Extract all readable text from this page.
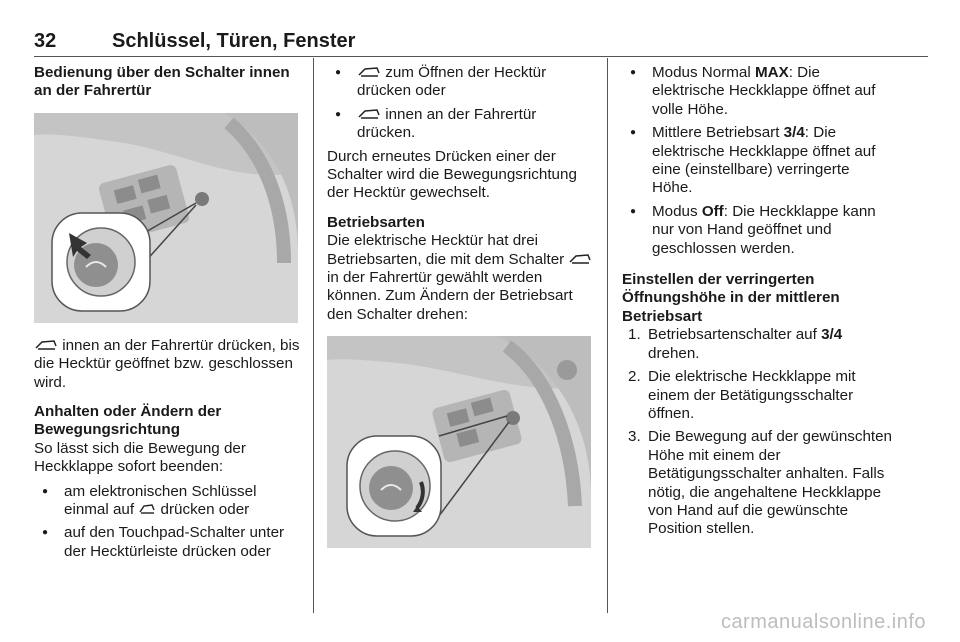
32	Schlüssel, Türen, Fenster

Bedienung über den Schalter innen an der Fahrertür

innen an der Fahrertür drücken, bis die Hecktür geöffnet bzw. geschlossen wird.

Anhalten oder Ändern der Bewegungsrichtung

So lässt sich die Bewegung der Heckklappe sofort beenden:

● am elektronischen Schlüssel einmal auf drücken oder
● auf den Touchpad-Schalter unter der Hecktürleiste drücken oder
● zum Öffnen der Hecktür drücken oder
● innen an der Fahrertür drücken.

Durch erneutes Drücken einer der Schalter wird die Bewegungsrichtung der Hecktür gewechselt.

Betriebsarten

Die elektrische Hecktür hat drei Betriebsarten, die mit dem Schalter  in der Fahrertür gewählt werden können. Zum Ändern der Betriebsart den Schalter drehen:

● Modus Normal MAX: Die elektrische Heckklappe öffnet auf volle Höhe.
● Mittlere Betriebsart 3/4: Die elektrische Heckklappe öffnet auf eine (einstellbare) verringerte Höhe.
● Modus Off: Die Heckklappe kann nur von Hand geöffnet und geschlossen werden.

Einstellen der verringerten Öffnungshöhe in der mittleren Betriebsart

1. Betriebsartenschalter auf 3/4 drehen.
2. Die elektrische Heckklappe mit einem der Betätigungsschalter öffnen.
3. Die Bewegung auf der gewünschten Höhe mit einem der Betätigungsschalter anhalten. Falls nötig, die angehaltene Heckklappe von Hand auf die gewünschte Position stellen.
carmanualsonline.info
